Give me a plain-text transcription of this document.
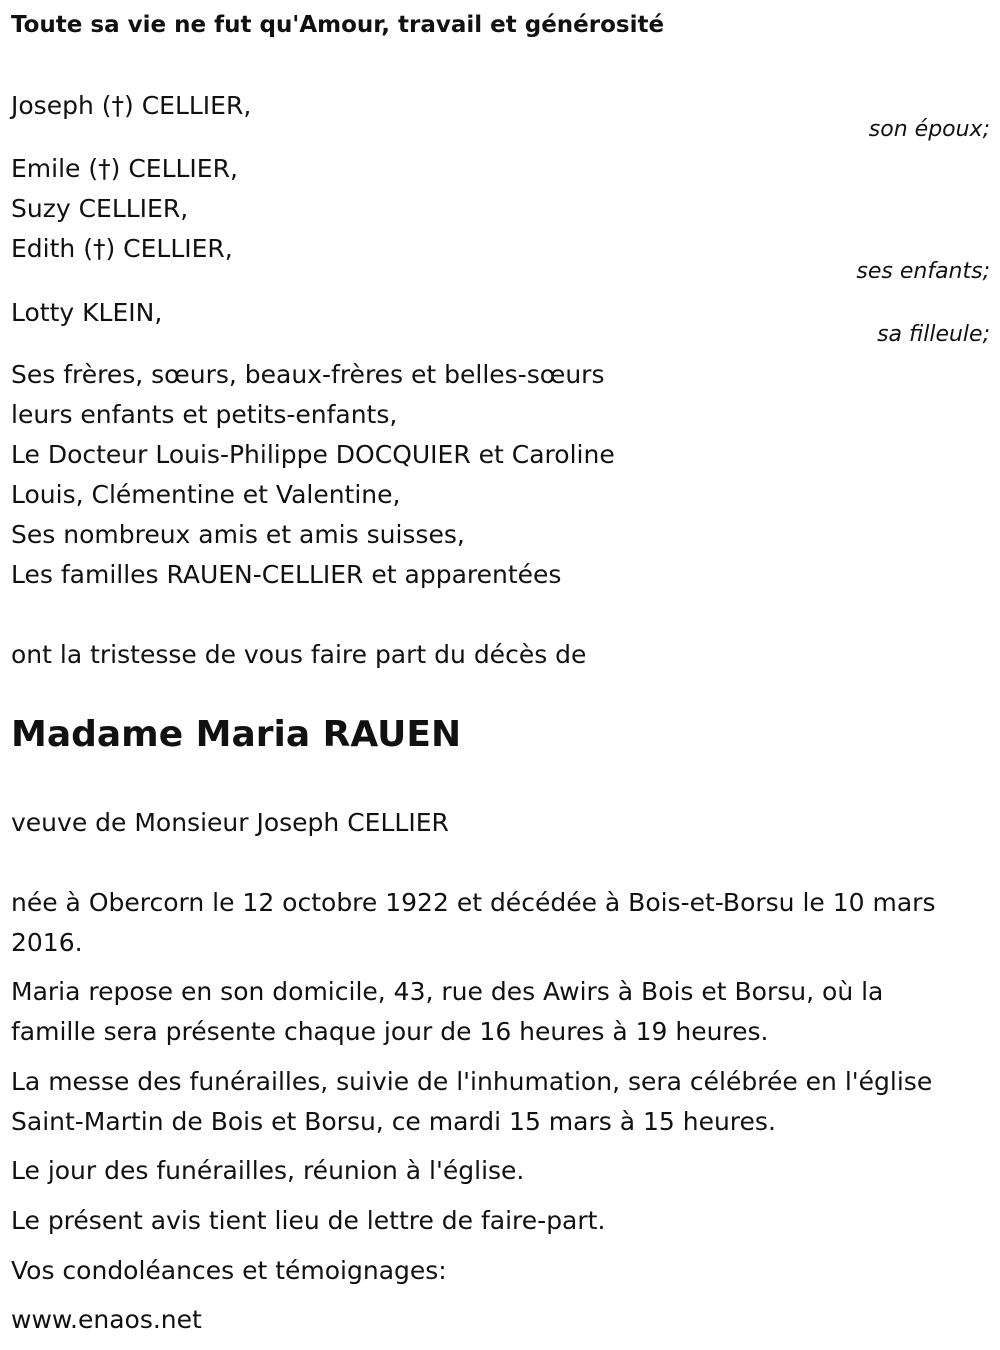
Toute sa vie ne fut qu'Amour, travail et générosité
Joseph (†) CELLIER,
son époux;
Emile (†) CELLIER,
Suzy CELLIER,
Edith (†) CELLIER,
ses enfants;
Lotty KLEIN,
sa filleule;
Ses frères, sœurs, beaux-frères et belles-sœurs
leurs enfants et petits-enfants,
Le Docteur Louis-Philippe DOCQUIER et Caroline
Louis, Clémentine et Valentine,
Ses nombreux amis et amis suisses,
Les familles RAUEN-CELLIER et apparentées
ont la tristesse de vous faire part du décès de
Madame Maria RAUEN
veuve de Monsieur Joseph CELLIER
née à Obercorn le 12 octobre 1922 et décédée à Bois-et-Borsu le 10 mars
2016.
Maria repose en son domicile, 43, rue des Awirs à Bois et Borsu, où la
famille sera présente chaque jour de 16 heures à 19 heures.
La messe des funérailles, suivie de l'inhumation, sera célébrée en l'église
Saint-Martin de Bois et Borsu, ce mardi 15 mars à 15 heures.
Le jour des funérailles, réunion à l'église.
Le présent avis tient lieu de lettre de faire-part.
Vos condoléances et témoignages:
www.enaos.net
